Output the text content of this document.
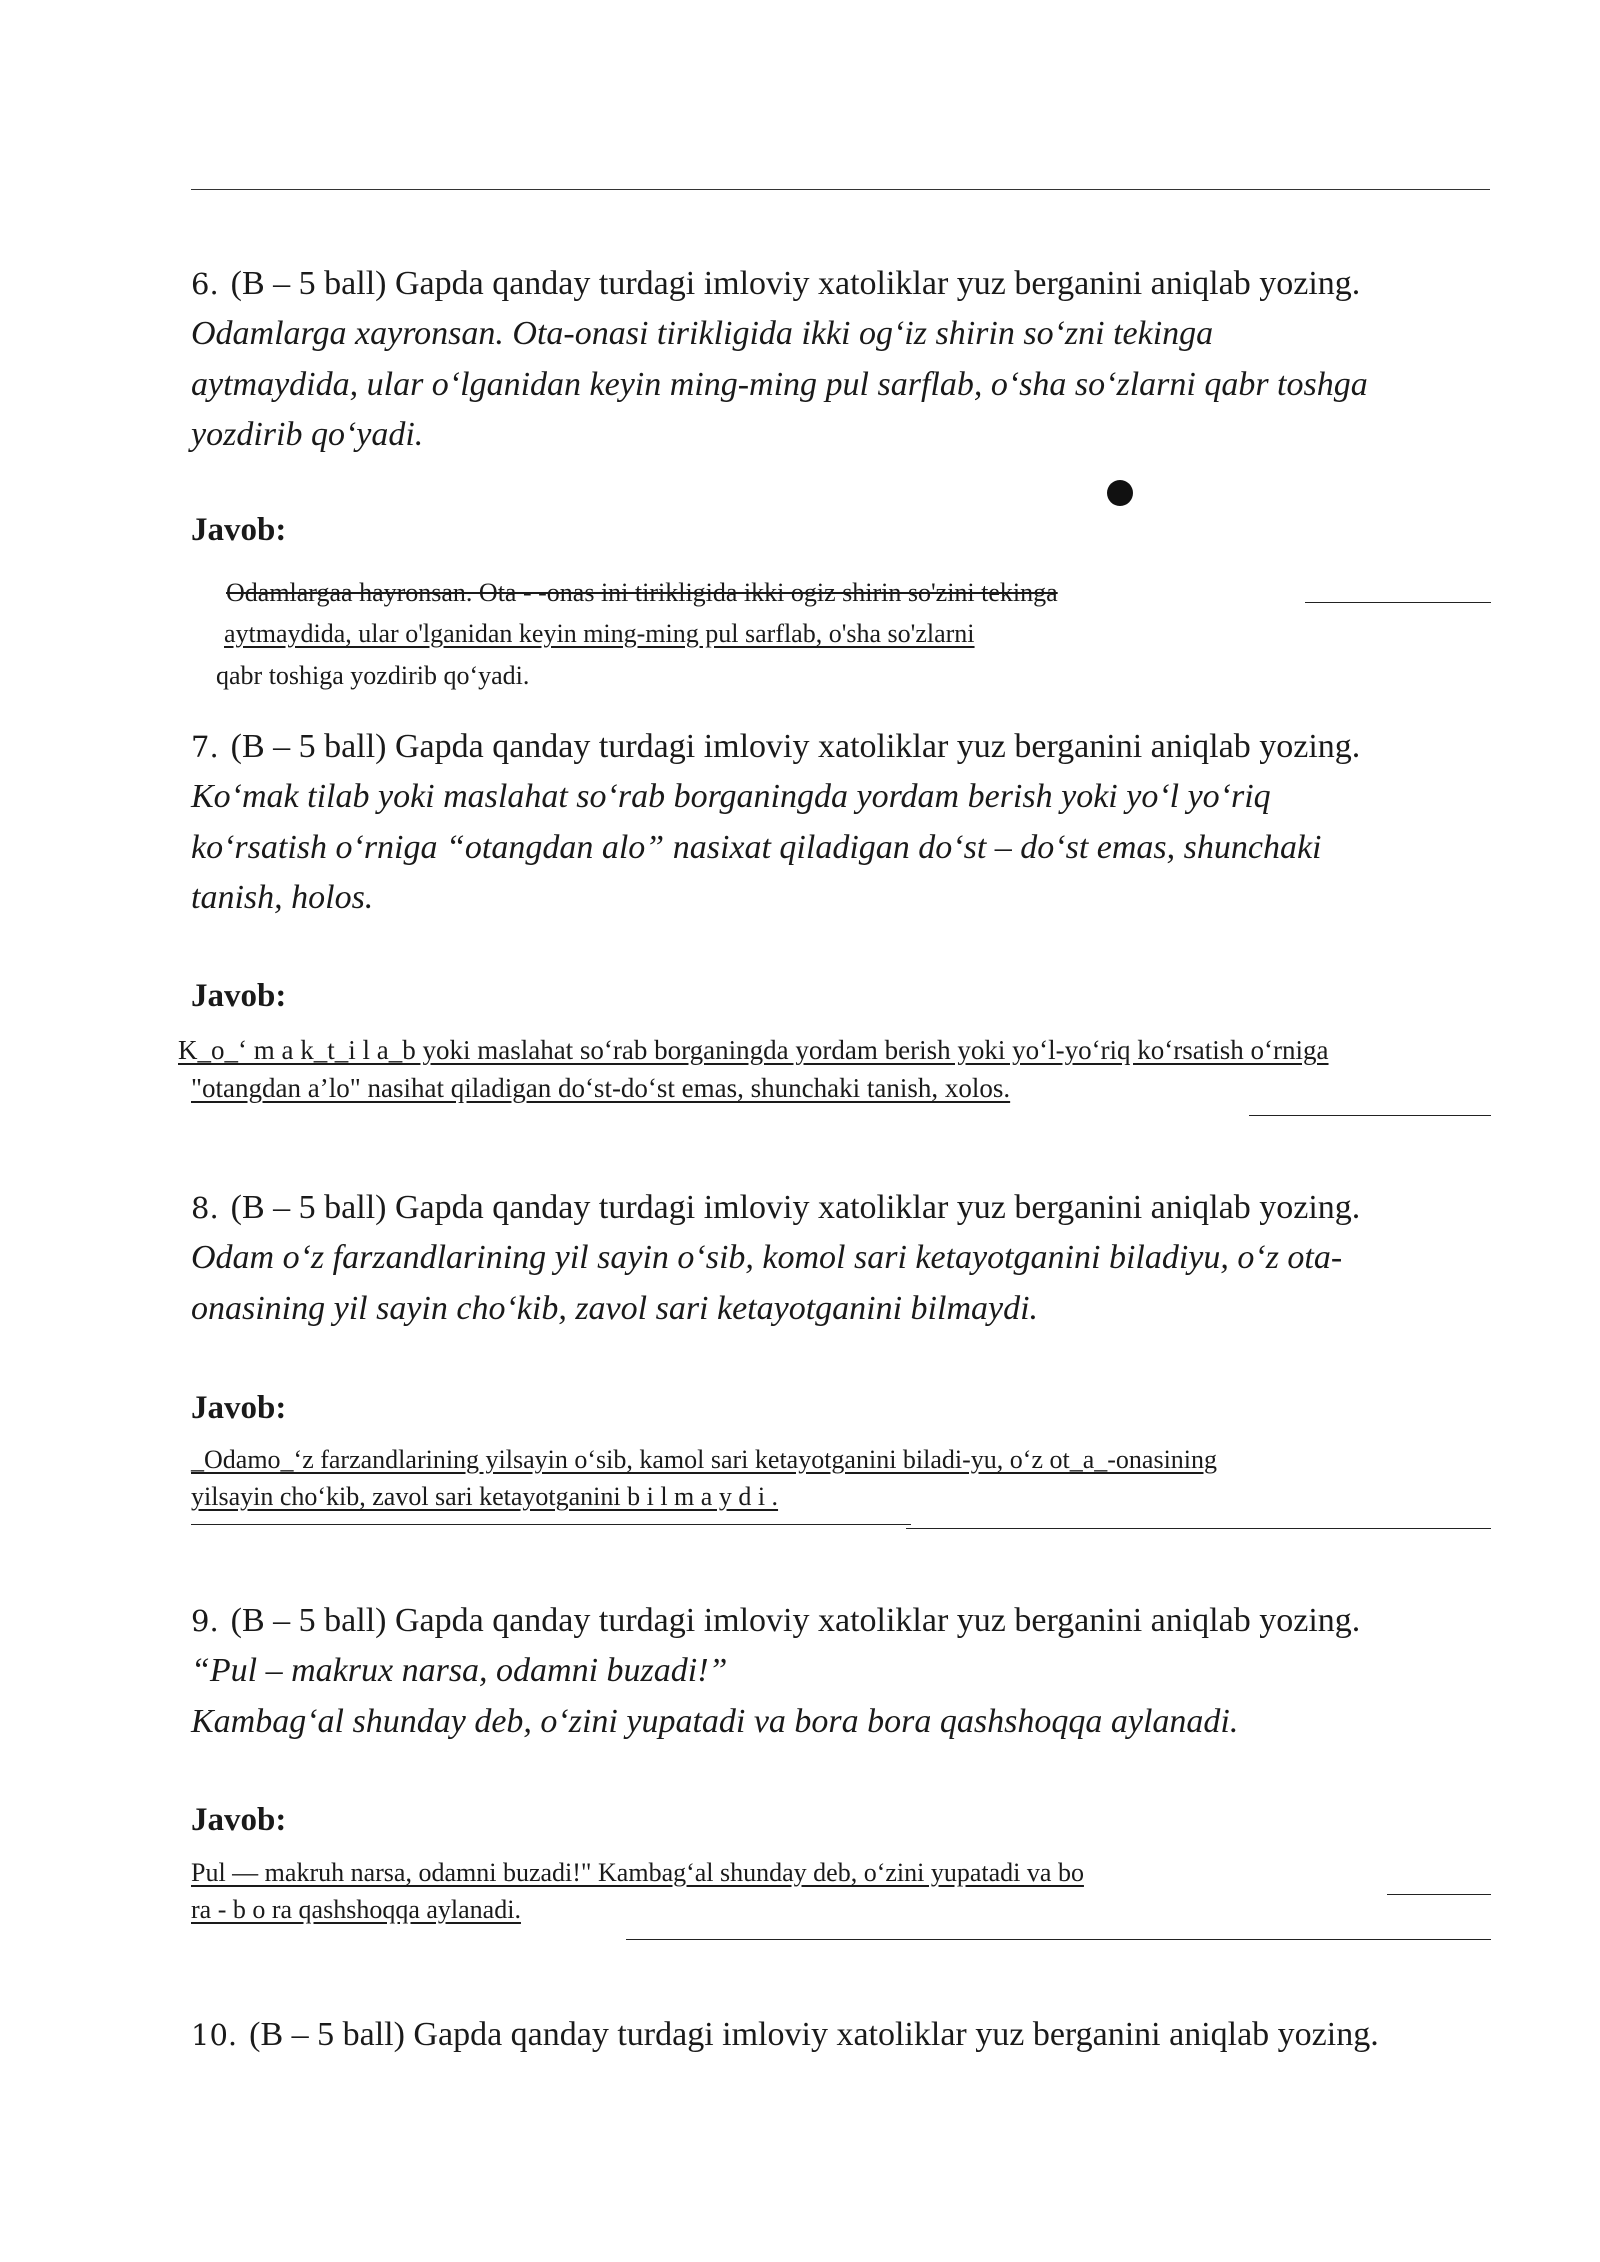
6. (B – 5 ball) Gapda qanday turdagi imloviy xatoliklar yuz berganini aniqlab yozing.

Odamlarga xayronsan. Ota-onasi tirikligida ikki og‘iz shirin so‘zni tekinga
aytmaydida, ular o‘lganidan keyin ming-ming pul sarflab, o‘sha so‘zlarni qabr toshga
yozdirib qo‘yadi.

Javob:
Odamlargaa hayronsan. Ota - -onas ini tirikligida ikki ogiz shirin so'zini tekinga
aytmaydida, ular o'lganidan keyin ming-ming pul sarflab, o'sha so'zlarni
qabr toshiga yozdirib qo‘yadi.
7. (B – 5 ball) Gapda qanday turdagi imloviy xatoliklar yuz berganini aniqlab yozing.

Ko‘mak tilab yoki maslahat so‘rab borganingda yordam berish yoki yo‘l yo‘riq
ko‘rsatish o‘rniga “otangdan alo” nasixat qiladigan do‘st – do‘st emas, shunchaki
tanish, holos.

Javob:
K_o_‘ m a k_t_i l a_b yoki maslahat so‘rab borganingda yordam berish yoki yo‘l-yo‘riq ko‘rsatish o‘rniga
"otangdan a’lo" nasihat qiladigan do‘st-do‘st emas, shunchaki tanish, xolos.
8. (B – 5 ball) Gapda qanday turdagi imloviy xatoliklar yuz berganini aniqlab yozing.

Odam o‘z farzandlarining yil sayin o‘sib, komol sari ketayotganini biladiyu, o‘z ota-
onasining yil sayin cho‘kib, zavol sari ketayotganini bilmaydi.

Javob:
_Odamo_‘z farzandlarining yilsayin o‘sib, kamol sari ketayotganini biladi-yu, o‘z ot_a_-onasining
yilsayin cho‘kib, zavol sari ketayotganini b i l m a y d i .
9. (B – 5 ball) Gapda qanday turdagi imloviy xatoliklar yuz berganini aniqlab yozing.

“Pul – makrux narsa, odamni buzadi!”
Kambag‘al shunday deb, o‘zini yupatadi va bora bora qashshoqqa aylanadi.

Javob:
Pul — makruh narsa, odamni buzadi!" Kambag‘al shunday deb, o‘zini yupatadi va bo
ra - b o ra qashshoqqa aylanadi.
10. (B – 5 ball) Gapda qanday turdagi imloviy xatoliklar yuz berganini aniqlab yozing.
